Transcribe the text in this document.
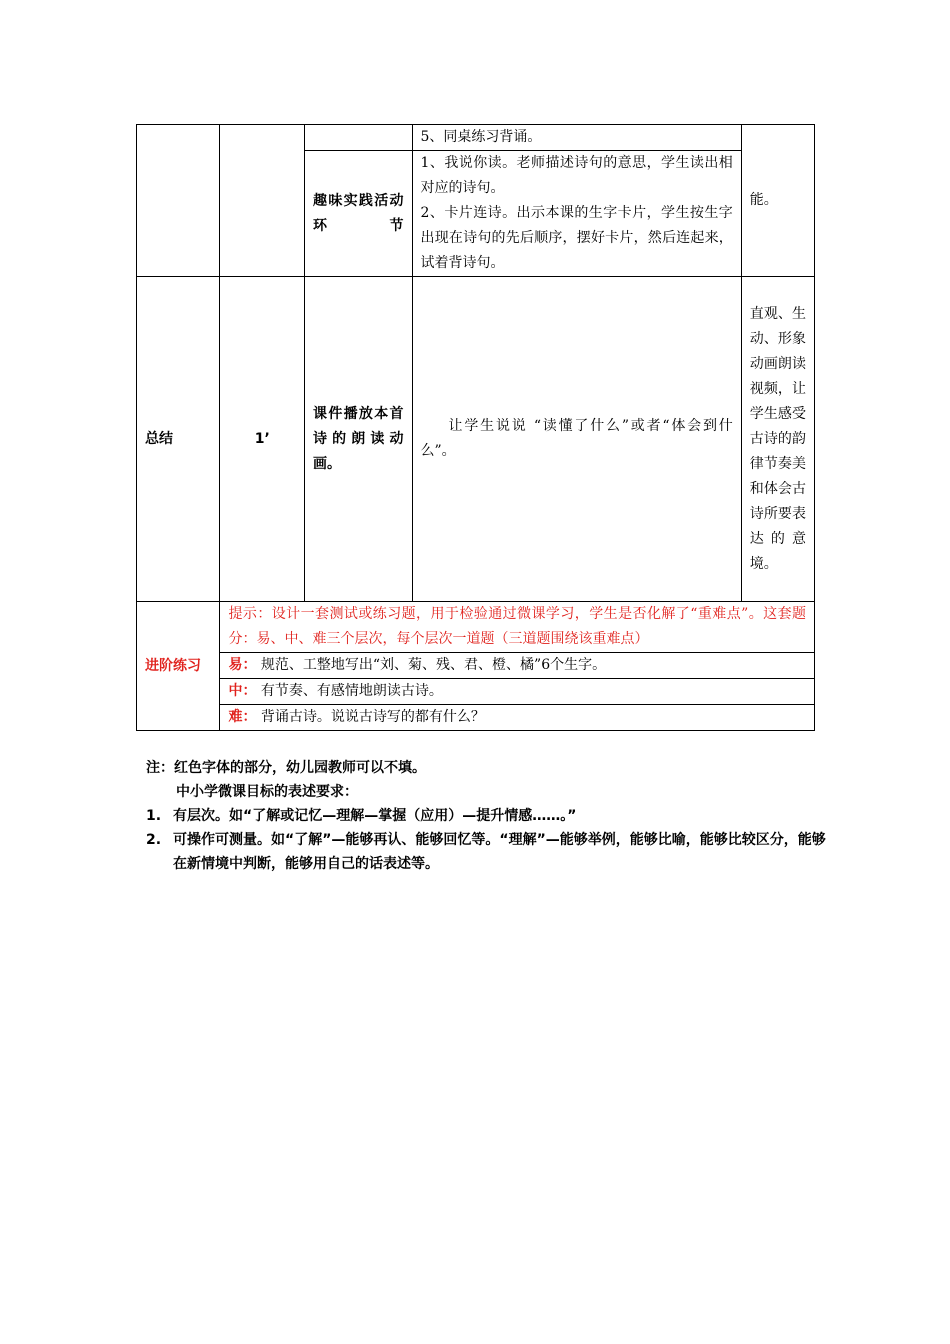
			5、同桌练习背诵。	能。
		趣味实践活动环节	1、我说你读。老师描述诗句的意思，学生读出相对应的诗句。
2、卡片连诗。出示本课的生字卡片，学生按生字出现在诗句的先后顺序，摆好卡片，然后连起来，试着背诗句。	

总结	1’	课件播放本首诗的朗读动画。	让学生说说 “读懂了什么”或者“体会到什么”。	直观、生动、形象动画朗读视频，让学生感受古诗的韵律节奏美和体会古诗所要表达的意境。
进阶练习	提示：设计一套测试或练习题，用于检验通过微课学习，学生是否化解了“重难点”。这套题分：易、中、难三个层次，每个层次一道题（三道题围绕该重难点）			
	易： 规范、工整地写出“刘、菊、残、君、橙、橘”6个生字。			
	中： 有节奏、有感情地朗读古诗。			
	难： 背诵古诗。说说古诗写的都有什么？			
注：红色字体的部分，幼儿园教师可以不填。
中小学微课目标的表述要求：
1. 有层次。如“了解或记忆—理解—掌握（应用）—提升情感……。”
2. 可操作可测量。如“了解”—能够再认、能够回忆等。“理解”—能够举例，能够比喻，能够比较区分，能够在新情境中判断，能够用自己的话表述等。
